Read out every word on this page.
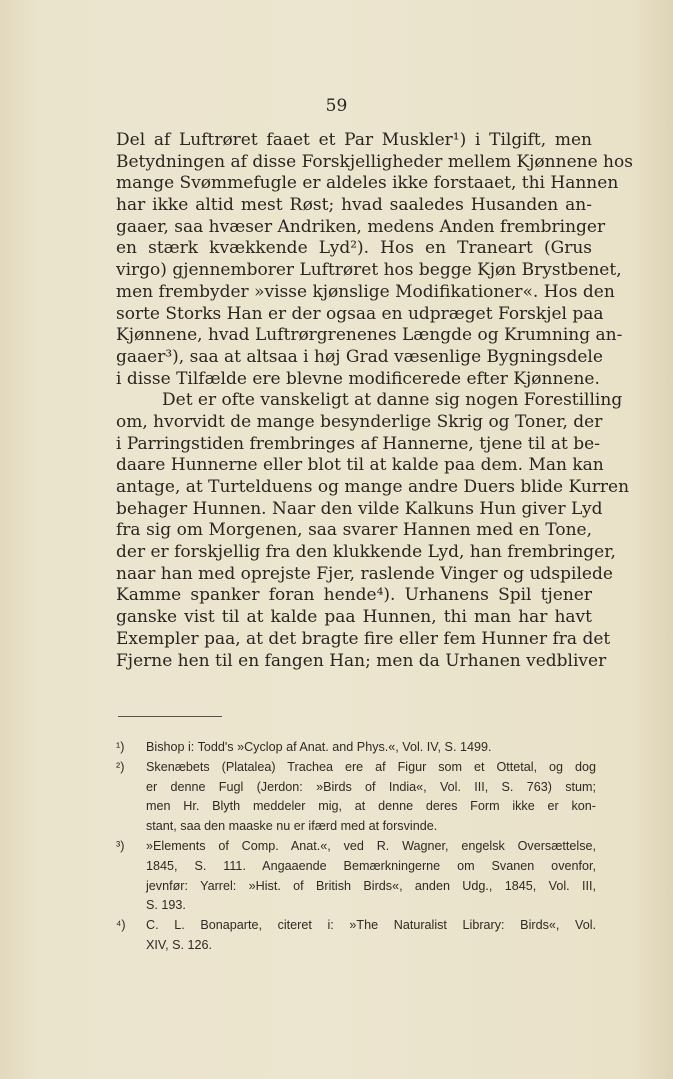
59
Del af Luftrøret faaet et Par Muskler¹) i Tilgift, men
Betydningen af disse Forskjelligheder mellem Kjønnene hos
mange Svømmefugle er aldeles ikke forstaaet, thi Hannen
har ikke altid mest Røst; hvad saaledes Husanden an-
gaaer, saa hvæser Andriken, medens Anden frembringer
en stærk kvækkende Lyd²). Hos en Traneart (Grus
virgo) gjennemborer Luftrøret hos begge Kjøn Brystbenet,
men frembyder »visse kjønslige Modifikationer«. Hos den
sorte Storks Han er der ogsaa en udpræget Forskjel paa
Kjønnene, hvad Luftrørgrenenes Længde og Krumning an-
gaaer³), saa at altsaa i høj Grad væsenlige Bygningsdele
i disse Tilfælde ere blevne modificerede efter Kjønnene.
Det er ofte vanskeligt at danne sig nogen Forestilling
om, hvorvidt de mange besynderlige Skrig og Toner, der
i Parringstiden frembringes af Hannerne, tjene til at be-
daare Hunnerne eller blot til at kalde paa dem. Man kan
antage, at Turtelduens og mange andre Duers blide Kurren
behager Hunnen. Naar den vilde Kalkuns Hun giver Lyd
fra sig om Morgenen, saa svarer Hannen med en Tone,
der er forskjellig fra den klukkende Lyd, han frembringer,
naar han med oprejste Fjer, raslende Vinger og udspilede
Kamme spanker foran hende⁴). Urhanens Spil tjener
ganske vist til at kalde paa Hunnen, thi man har havt
Exempler paa, at det bragte fire eller fem Hunner fra det
Fjerne hen til en fangen Han; men da Urhanen vedbliver
¹)	Bishop i: Todd's »Cyclop af Anat. and Phys.«, Vol. IV, S. 1499.
²)	Skenæbets (Platalea) Trachea ere af Figur som et Ottetal, og dog
er denne Fugl (Jerdon: »Birds of India«, Vol. III, S. 763) stum;
men Hr. Blyth meddeler mig, at denne deres Form ikke er kon-
stant, saa den maaske nu er ifærd med at forsvinde.
³)	»Elements of Comp. Anat.«, ved R. Wagner, engelsk Oversættelse,
1845, S. 111. Angaaende Bemærkningerne om Svanen ovenfor,
jevnfør: Yarrel: »Hist. of British Birds«, anden Udg., 1845, Vol. III,
S. 193.
⁴)	C. L. Bonaparte, citeret i: »The Naturalist Library: Birds«, Vol.
XIV, S. 126.
